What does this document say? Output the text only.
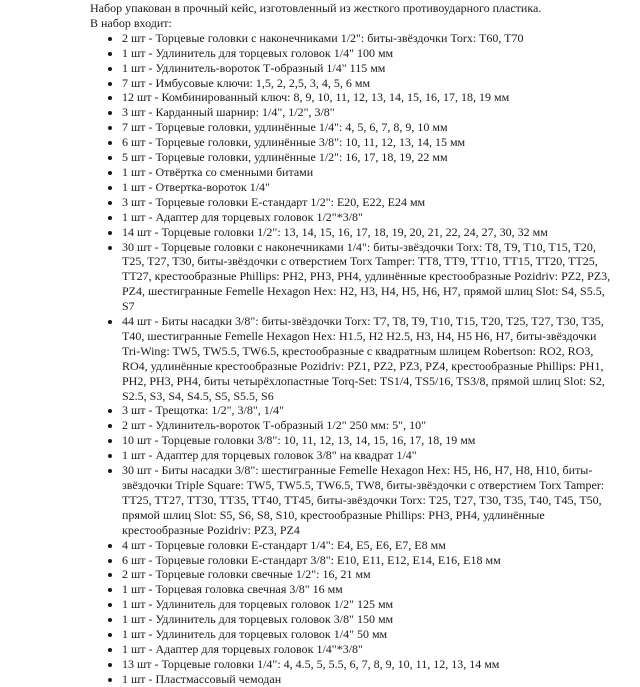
Набор упакован в прочный кейс, изготовленный из жесткого противоударного пластика.
В набор входит:
• 2 шт - Торцевые головки с наконечниками 1/2": биты-звёздочки Torx: T60, T70
• 1 шт - Удлинитель для торцевых головок 1/4" 100 мм
• 1 шт - Удлинитель-вороток Т-образный 1/4" 115 мм
• 7 шт - Имбусовые ключи: 1,5, 2, 2,5, 3, 4, 5, 6 мм
• 12 шт - Комбинированный ключ: 8, 9, 10, 11, 12, 13, 14, 15, 16, 17, 18, 19 мм
• 3 шт - Карданный шарнир: 1/4", 1/2", 3/8"
• 7 шт - Торцевые головки, удлинённые 1/4": 4, 5, 6, 7, 8, 9, 10 мм
• 6 шт - Торцевые головки, удлинённые 3/8": 10, 11, 12, 13, 14, 15 мм
• 5 шт - Торцевые головки, удлинённые 1/2": 16, 17, 18, 19, 22 мм
• 1 шт - Отвёртка со сменными битами
• 1 шт - Отвертка-вороток 1/4"
• 3 шт - Торцевые головки Е-стандарт 1/2": Е20, Е22, Е24 мм
• 1 шт - Адаптер для торцевых головок 1/2"*3/8"
• 14 шт - Торцевые головки 1/2": 13, 14, 15, 16, 17, 18, 19, 20, 21, 22, 24, 27, 30, 32 мм
• 30 шт - Торцевые головки с наконечниками 1/4": биты-звёздочки Torx: T8, T9, T10, T15, T20, T25, T27, T30, биты-звёздочки с отверстием Torx Tamper: TT8, TT9, TT10, TT15, TT20, TT25, TT27, крестообразные Phillips: PH2, PH3, PH4, удлинённые крестообразные Pozidriv: PZ2, PZ3, PZ4, шестигранные Femelle Hexagon Hex: H2, H3, H4, H5, H6, H7, прямой шлиц Slot: S4, S5.5, S7
• 44 шт - Биты насадки 3/8": биты-звёздочки Torx: T7, T8, T9, T10, T15, T20, T25, T27, T30, T35, T40, шестигранные Femelle Hexagon Hex: H1.5, H2 H2.5, H3, H4, H5 H6, H7, биты-звёздочки Tri-Wing: TW5, TW5.5, TW6.5, крестообразные с квадратным шлицем Robertson: RO2, RO3, RO4, удлинённые крестообразные Pozidriv: PZ1, PZ2, PZ3, PZ4, крестообразные Phillips: PH1, PH2, PH3, PH4, биты четырёхлопастные Torq-Set: TS1/4, TS5/16, TS3/8, прямой шлиц Slot: S2, S2.5, S3, S4, S4.5, S5, S5.5, S6
• 3 шт - Трещотка: 1/2", 3/8", 1/4"
• 2 шт - Удлинитель-вороток Т-образный 1/2" 250 мм: 5", 10"
• 10 шт - Торцевые головки 3/8": 10, 11, 12, 13, 14, 15, 16, 17, 18, 19 мм
• 1 шт - Адаптер для торцевых головок 3/8" на квадрат 1/4"
• 30 шт - Биты насадки 3/8": шестигранные Femelle Hexagon Hex: H5, H6, H7, H8, H10, биты-звёздочки Triple Square: TW5, TW5.5, TW6.5, TW8, биты-звёздочки с отверстием Torx Tamper: TT25, TT27, TT30, TT35, TT40, TT45, биты-звёздочки Torx: T25, T27, T30, T35, T40, T45, T50, прямой шлиц Slot: S5, S6, S8, S10, крестообразные Phillips: PH3, PH4, удлинённые крестообразные Pozidriv: PZ3, PZ4
• 4 шт - Торцевые головки Е-стандарт 1/4": Е4, Е5, Е6, Е7, Е8 мм
• 6 шт - Торцевые головки Е-стандарт 3/8": Е10, Е11, Е12, Е14, Е16, Е18 мм
• 2 шт - Торцевые головки свечные 1/2": 16, 21 мм
• 1 шт - Торцевая головка свечная 3/8" 16 мм
• 1 шт - Удлинитель для торцевых головок 1/2" 125 мм
• 1 шт - Удлинитель для торцевых головок 3/8" 150 мм
• 1 шт - Удлинитель для торцевых головок 1/4" 50 мм
• 1 шт - Адаптер для торцевых головок 1/4"*3/8"
• 13 шт - Торцевые головки 1/4": 4, 4.5, 5, 5.5, 6, 7, 8, 9, 10, 11, 12, 13, 14 мм
• 1 шт - Пластмассовый чемодан
